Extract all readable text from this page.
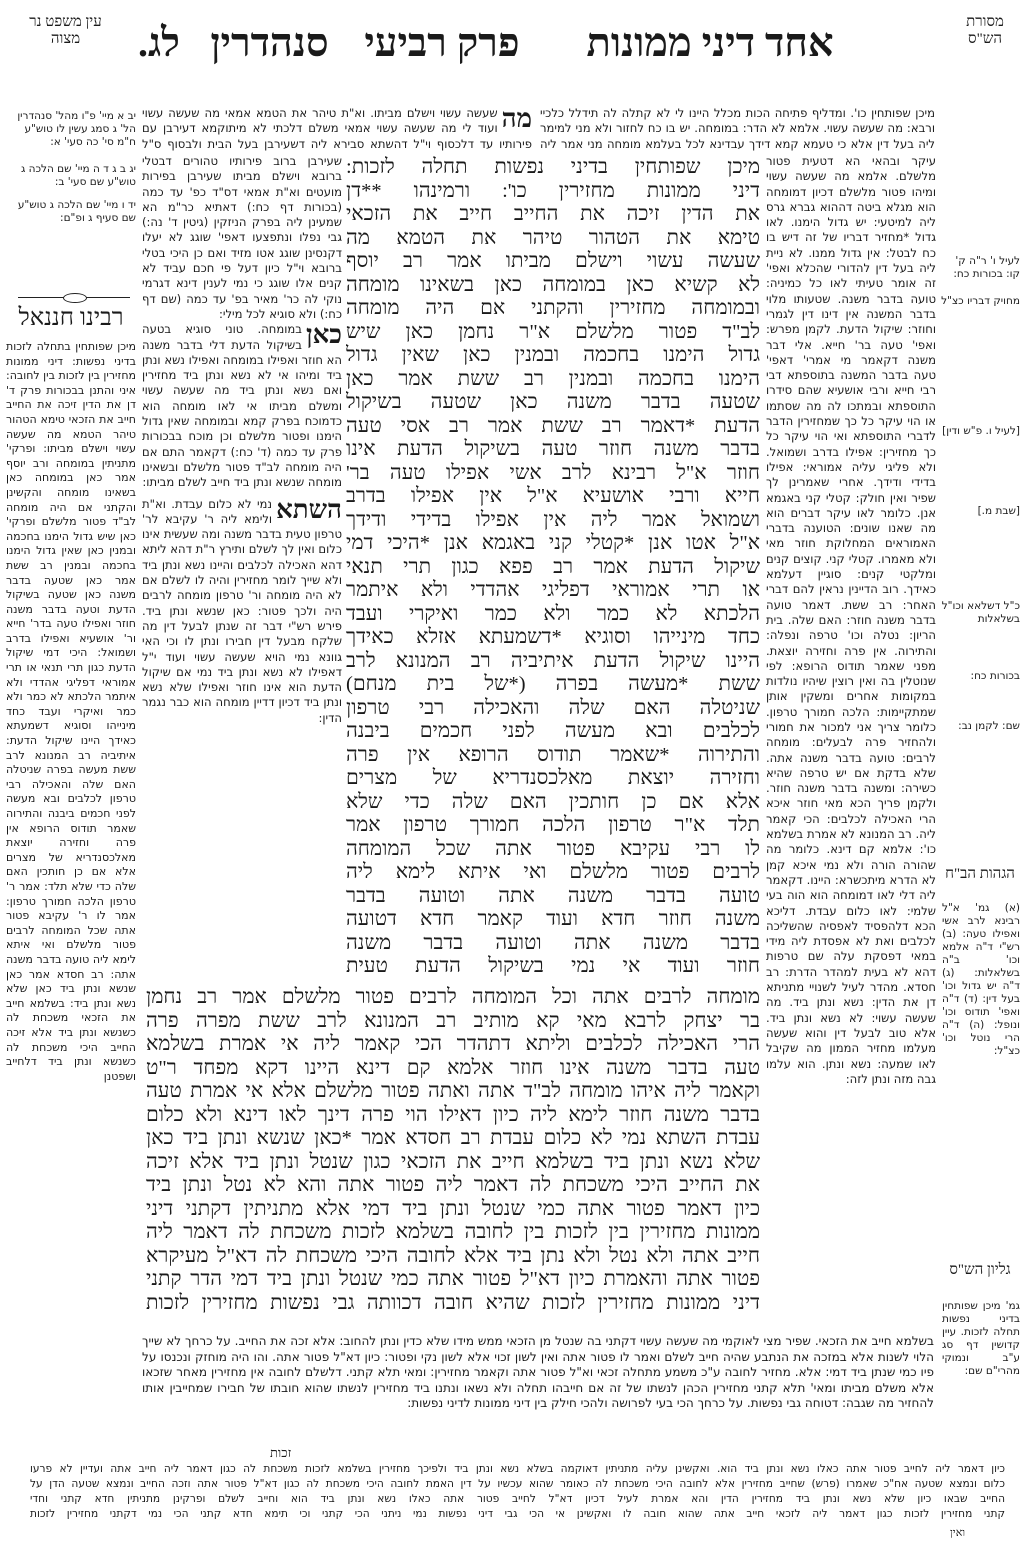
מסורת הש"ס
אחד דיני ממונות
פרק רביעי
סנהדרין
לג.
עין משפט נר מצוה
יב א מיי' פ"ו מהל' סנהדרין הל' ג סמג עשין לו טוש"ע ח"מ סי' כה סעי' א:
יג ב ג ד ה מיי' שם הלכה ג טוש"ע שם סעי' ב:
יד ו מיי' שם הלכה ג טוש"ע שם סעיף ג ופ"ם:
רבינו חננאל
מיכן שפותחין בתחלה לזכות בדיני נפשות: דיני ממונות מחזירין בין לזכות בין לחובה: איני והתנן בבכורות פרק ד' דן את הדין זיכה את החייב חייב את הזכאי טימא הטהור טיהר הטמא מה שעשה עשוי וישלם מביתו: ופרקי' מתניתין במומחה ורב יוסף אמר כאן במומחה כאן בשאינו מומחה והקשינן והקתני אם היה מומחה לב"ד פטור מלשלם ופרקי' כאן שיש גדול הימנו בחכמה ובמנין כאן שאין גדול הימנו בחכמה ובמנין רב ששת אמר כאן שטעה בדבר משנה כאן שטעה בשיקול הדעת וטעה בדבר משנה חוזר ואפילו טעה בדר' חייא ור' אושעיא ואפילו בדרב ושמואל: היכי דמי שיקול הדעת כגון תרי תנאי או תרי אמוראי דפליגי אהדדי ולא איתמר הלכתא לא כמר ולא כמר ואיקרי ועבד כחד מינייהו וסוגיא דשמעתא כאידך היינו שיקול הדעת: איתיביה רב המנונא לרב ששת מעשה בפרה שניטלה האם שלה והאכילה רבי טרפון לכלבים ובא מעשה לפני חכמים ביבנה והתירוה שאמר תודוס הרופא אין פרה וחזירה יוצאת מאלכסנדריא של מצרים אלא אם כן חותכין האם שלה כדי שלא תלד: אמר ר' טרפון הלכה חמורך טרפון: אמר לו ר' עקיבא פטור אתה שכל המומחה לרבים פטור מלשלם ואי איתא לימא ליה טועה בדבר משנה אתה: רב חסדא אמר כאן שנשא ונתן ביד כאן שלא נשא ונתן ביד: בשלמא חייב את הזכאי משכחת לה כשנשא ונתן ביד אלא זיכה החייב היכי משכחת לה כשנשא ונתן ביד דלחייב ושפטנן
מה
שעשה עשוי וישלם מביתו. וא"ת טיהר את הטמא אמאי מה שעשה עשוי ועוד לי מה שעשה עשוי אמאי משלם דלכתי לא מיתוקמא דעירבן עם פירותיו עד דלכסוף וי"ל דהשתא סבירא ליה דשעירבן בעל הבית ולבסוף ס"ל
שעירבן ברוב פירותיו טהורים דבטלי ברובא וישלם מביתו שעירבן בפירות מועטים וא"ת אמאי דס"ד כפ' עד כמה (בכורות דף כח:) דאתיא כר"מ הא שמעינן ליה בפרק הניזקין (גיטין ד' נה:) גבי נפלו ונתפצעו דאפי' שוגג לא יעלו דקנסינן שוגג אטו מזיד ואם כן היכי בטלי ברובא וי"ל כיון דעל פי חכם עביד לא קנים אלו שוגג כי נמי לענין דינא דגרמי נוקי לה כר' מאיר בפ' עד כמה (שם דף כח:) ולא סוגיא לכל מילי:
כאן
במומחה. טוני סוגיא בטעה בשיקול הדעת דלי בדבר משנה הא חוזר ואפילו במומחה ואפילו נשא ונתן ביד ומיהו אי לא נשא ונתן ביד מחזירין ואם נשא ונתן ביד מה שעשה עשוי ומשלם מביתו אי לאו מומחה הוא כדמוכח בפרק קמא ובמומחה שאין גדול הימנו ופטור מלשלם וכן מוכח בבכורות פרק עד כמה (ד' כח:) דקאמר התם אם היה מומחה לב"ד פטור מלשלם ובשאינו מומחה שנשא ונתן ביד חייב לשלם מביתו:
השתא
נמי לא כלום עבדת. וא"ת ולימא ליה ר' עקיבא לר' טרפון טעית בדבר משנה ומה שעשית אינו כלום ואין לך לשלם ותירץ ר"ת דהא ליתא דהא האכילה לכלבים והיינו נשא ונתן ביד ולא שייך לומר מחזירין והיה לו לשלם אם לא היה מומחה ור' טרפון מומחה לרבים היה ולכך פטור: כאן שנשא ונתן ביד. פירש רש"י דבר זה שנתן לבעל דין מה שלקח מבעל דין חבירו ונתן לו וכי האי גוונא נמי הויא שעשה עשוי ועוד י"ל דאפילו לא נשא ונתן ביד נמי אם שיקול הדעת הוא אינו חוזר ואפילו שלא נשא ונתן ביד דכיון דדיין מומחה הוא כבר נגמר הדין:
מיכן שפותחין כו'. ומדליף פתיחה הכות מכלל היינו לי לא קתלה לה תידלל כלכיי ורבא: מה שעשה עשוי. אלמא לא הדר: במומחה. יש בו כח לחזור ולא מני למימר ליה בעל דין אלא כי טעמא קמא דידך עבדינא לכל בעלמא מומחה מני אמר ליה
עיקר ובהאי הא דטעית פטור מלשלם. אלמא מה שעשה עשוי ומיהו פטור מלשלם דכיון דמומחה הוא מגלא ביטה דההוא גברא גרס ליה למיטעי: יש גדול הימנו. לאו גדול *מחזיר דבריו של זה דיש בו כח לבטל: אין גדול ממנו. לא ניית ליה בעל דין להדורי שהכלא ואפי' זה אומר טעיתי לאו כל כמיניה: טועה בדבר משנה. שטעותו מלוי בדבר המשנה אין דינו דין לגמרי וחוזר: שיקול הדעת. לקמן מפרש: ואפי' טעה בר' חייא. אלי דבר משנה דקאמר מי אמרי' דאפי' טעה בדבר המשנה בתוספתא דבי רבי חייא ורבי אושעיא שהם סידרו התוספתא ובמתכו לה מה שסתמו או הוי עיקר כל כך שמחזירין הדבר לדברי התוספתא ואי הוי עיקר כל כך מחזירין: אפילו בדרב ושמואל. ולא פליגי עליה אמוראי: אפילו בדידי ודידך. אחרי שאמרינן לך שפיר ואין חולק: קטלי קני באגמא אנן. כלומר לאו עיקר דברים הוא מה שאנו שונים: הטוענה בדברי האמוראים המחלוקת חוזר מאי ולא מאמרו. קטלי קני. קוצים קנים ומלקטי קנים: סוגיין דעלמא כאידך. רוב הדיינין נראין להם דברי האחר: רב ששת. דאמר טועה בדבר משנה חוזר: האם שלה. בית הריון: נטלה וכו' טרפה ונפלה: והתירוה. אין פרה וחזירה יוצאת. מפני שאמר תודוס הרופא: לפי שנוטלין בה ואין רוצין שיהיו נולדות במקומות אחרים ומשקין אותן שמתקיימות: הלכה חמורך טרפון. כלומר צריך אני למכור את חמורי ולהחזיר פרה לבעלים: מומחה לרבים: טועה בדבר משנה אתה. שלא בדקת אם יש טרפה שהיא כשירה: ומשנה בדבר משנה חוזר. ולקמן פריך הכא מאי חוזר איכא הרי האכילה לכלבים: הכי קאמר ליה. רב המנונא לא אמרת בשלמא כו': אלמא קם דינא. כלומר מה שהורה הורה ולא נמי איכא קמן לא הדרא מיתכשרא: היינו. דקאמר ליה דלי לאו דמומחה הוא הוה בעי שלמי: לאו כלום עבדת. דליכא הכא דלהפסיד לאפסיה שהשליכה לכלבים ואת לא אפסדת ליה מידי במאי דפסקת עלה שם טרפות דהא לא בעית למהדר הדרת: רב חסדא. מהדר לעיל לשנויי מתניתא דן את הדין: נשא ונתן ביד. מה שעשה עשוי: לא נשא ונתן ביד. אלא טוב לבעל דין והוא שעשה מעלמו מחזיר הממון מה שקיבל לאו שמעה: נשא ונתן. הוא עלמו גבה מזה ונתן לזה:
מיכן שפותחין בדיני נפשות תחלה לזכות:
דיני ממונות מחזירין כו': ורמינהו **דן
את הדין זיכה את החייב חייב את הזכאי
טימא את הטהור טיהר את הטמא מה
שעשה עשוי וישלם מביתו אמר רב יוסף
לא קשיא כאן במומחה כאן בשאינו מומחה
ובמומחה מחזירין והקתני אם היה מומחה
לב"ד פטור מלשלם א"ר נחמן כאן שיש
גדול הימנו בחכמה ובמנין כאן שאין גדול
הימנו בחכמה ובמנין רב ששת אמר כאן
שטעה בדבר משנה כאן שטעה בשיקול
הדעת *דאמר רב ששת אמר רב אסי טעה
בדבר משנה חוזר טעה בשיקול הדעת אינו
חוזר א"ל רבינא לרב אשי אפילו טעה בר'
חייא ורבי אושעיא א"ל אין אפילו בדרב
ושמואל אמר ליה אין אפילו בדידי ודידך
א"ל אטו אנן *קטלי קני באגמא אנן *היכי דמי
שיקול הדעת אמר רב פפא כגון תרי תנאי
או תרי אמוראי דפליגי אהדדי ולא איתמר
הלכתא לא כמר ולא כמר ואיקרי ועבד
כחד מינייהו וסוגיא *דשמעתא אזלא כאידך
היינו שיקול הדעת איתיביה רב המנונא לרב
ששת *מעשה בפרה (*של בית מנחם)
שניטלה האם שלה והאכילה רבי טרפון
לכלבים ובא מעשה לפני חכמים ביבנה
והתירוה *שאמר תודוס הרופא אין פרה
וחזירה יוצאת מאלכסנדריא של מצרים
אלא אם כן חותכין האם שלה כדי שלא
תלד א"ר טרפון הלכה חמורך טרפון אמר
לו רבי עקיבא פטור אתה שכל המומחה
לרבים פטור מלשלם ואי איתא לימא ליה
טועה בדבר משנה אתה וטועה בדבר
משנה חוזר חדא ועוד קאמר חדא דטועה
בדבר משנה אתה וטועה בדבר משנה
חוזר ועוד אי נמי בשיקול הדעת טעית
מומחה לרבים אתה וכל המומחה לרבים פטור מלשלם אמר רב נחמן
בר יצחק לרבא מאי קא מותיב רב המנונא לרב ששת מפרה פרה
הרי האכילה לכלבים וליתא דתהדר הכי קאמר ליה אי אמרת בשלמא
טעה בדבר משנה אינו חוזר אלמא קם דינא היינו דקא מפחד ר"ט
וקאמר ליה איהו מומחה לב"ד אתה ואתה פטור מלשלם אלא אי אמרת טעה
בדבר משנה חוזר לימא ליה כיון דאילו הוי פרה דינך לאו דינא ולא כלום
עבדת השתא נמי לא כלום עבדת רב חסדא אמר *כאן שנשא ונתן ביד כאן
שלא נשא ונתן ביד בשלמא חייב את הזכאי כגון שנטל ונתן ביד אלא זיכה
את החייב היכי משכחת לה דאמר ליה פטור אתה והא לא נטל ונתן ביד
כיון דאמר פטור אתה כמי שנטל ונתן ביד דמי אלא מתניתין דקתני דיני
ממונות מחזירין בין לזכות בין לחובה בשלמא לזכות משכחת לה דאמר ליה
חייב אתה ולא נטל ולא נתן ביד אלא לחובה היכי משכחת לה דא"ל מעיקרא
פטור אתה והאמרת כיון דא"ל פטור אתה כמי שנטל ונתן ביד דמי הדר קתני
דיני ממונות מחזירין לזכות שהיא חובה דכוותה גבי נפשות מחזירין לזכות
בשלמא חייב את הזכאי. שפיר מצי לאוקמי מה שעשה עשוי דקתני בה שנטל מן הזכאי ממש מידו שלא כדין ונתן להחוב: אלא זכה את החייב. על כרחך לא שייך הלוי לשנות אלא במזכה את הנתבע שהיה חייב לשלם ואמר לו פטור אתה ואין לשון זכוי אלא לשון נקי ופטור: כיון דא"ל פטור אתה. והו היה מוחזק ונכנסו על פיו כמי שנתן ביד דמי: אלא. מחזיר לחובה ע"כ משמע מתחלה זכאי וא"ל פטור אתה וקאמר מחזירין: ומאי תלא קתני. דלשלם לחובה אין מחזירין מאחר שזכאו אלא משלם מביתו ומאי' תלא קתני מחזירין הכהן לנשתו של זה אם חייבהו תחלה ולא נשאו ונתנו ביד מחזירין לנשתו שהוא חובתו של חבירו שמחייבין אותו להחזיר מה שגבה: דטוחה גבי נפשות. על כרחך הכי בעי לפרושה ולהכי חילק בין דיני ממונות לדיני נפשות:
זכות
לעיל ו' ר"ה ק' קו: בכורות כח:
מחויק דבריו כצ"ל
[לעיל ו. פ"ש ודין]
[שבת מ.]
כ"ל דשלאא וכו"ל בשלאלות
בכורות כח:
שם: לקמן נב:
הגהות הב"ח
(א) גמ' א"ל רבינא לרב אשי ואפילו טעה: (ב) רש"י ד"ה אלמא וכו' ב"ה בשלאלות: (ג) ד"ה יש גדול וכו' בעל דין: (ד) ד"ה ואפי' תודוס וכו' ונופל: (ה) ד"ה הרי נוטל וכו' כצ"ל:
גליון הש"ס
גמ' מיכן שפותחין בדיני נפשות תחלה לזכות. עיין קדושין דף סג ע"ב ונמוקי מהרי"ם שם:
כיון דאמר ליה לחייב פטור אתה כאלו נשא ונתן ביד הוא. ואקשינן עליה מתניתין דאוקמה בשלא נשא ונתן ביד ולפיכך מחזירין בשלמא לזכות משכחת לה כגון דאמר ליה חייב אתה ועדיין לא פרעו
כלום ונמצא שטעה אח"כ שאמרו (פרש) שחייב מחזירין אלא לחובה היכי משכחת לה כאומר שהוא עכשיו על דין האמת לחובה היכי משכחת לה כגון דא"ל פטור אתה וזכה החייב ונמצא שטעה הדן על
החייב שבאו כיון שלא נשא ונתן ביד מחזירין הדין והא אמרת לעיל דכיון דא"ל לחייב פטור אתה כאלו נשא ונתן ביד הוא וחייב לשלם ופרקינן מתניתין חדא קתני וחדי
קתני מחזירין לזכות כגון דאמר ליה לזכאי חייב אתה שהוא חובה לו ואקשינן אי הכי גבי דיני נפשות נמי ניתני הכי קתני וכי תימא חדא קתני הכי נמי דקתני מחזירין לזכות
ואין
